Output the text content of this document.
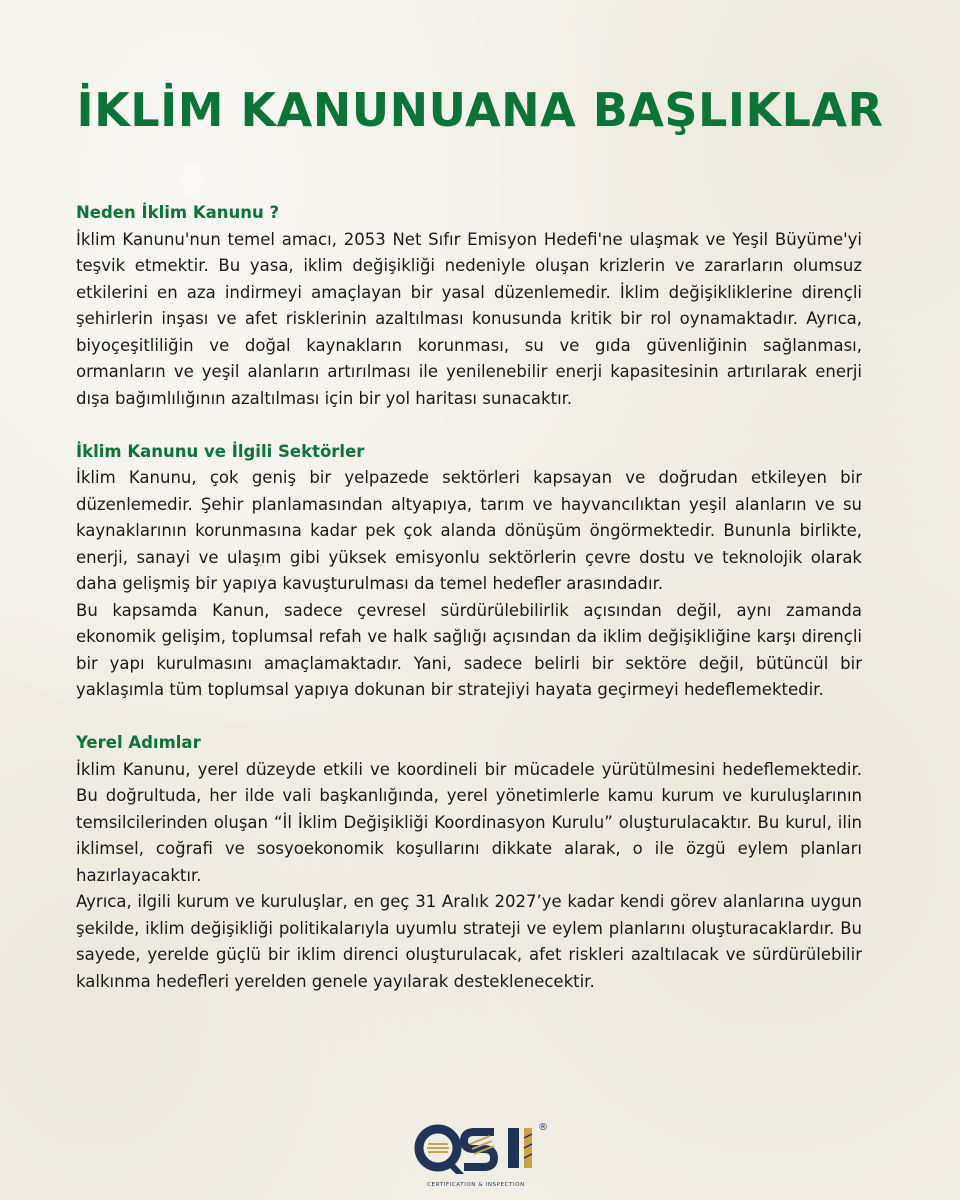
İKLİM KANUNUANA BAŞLIKLAR

Neden İklim Kanunu ?

İklim Kanunu'nun temel amacı, 2053 Net Sıfır Emisyon Hedefi'ne ulaşmak ve Yeşil Büyüme'yi teşvik etmektir. Bu yasa, iklim değişikliği nedeniyle oluşan krizlerin ve zararların olumsuz etkilerini en aza indirmeyi amaçlayan bir yasal düzenlemedir. İklim değişikliklerine dirençli şehirlerin inşası ve afet risklerinin azaltılması konusunda kritik bir rol oynamaktadır. Ayrıca, biyoçeşitliliğin ve doğal kaynakların korunması, su ve gıda güvenliğinin sağlanması, ormanların ve yeşil alanların artırılması ile yenilenebilir enerji kapasitesinin artırılarak enerji dışa bağımlılığının azaltılması için bir yol haritası sunacaktır.

İklim Kanunu ve İlgili Sektörler

İklim Kanunu, çok geniş bir yelpazede sektörleri kapsayan ve doğrudan etkileyen bir düzenlemedir. Şehir planlamasından altyapıya, tarım ve hayvancılıktan yeşil alanların ve su kaynaklarının korunmasına kadar pek çok alanda dönüşüm öngörmektedir. Bununla birlikte, enerji, sanayi ve ulaşım gibi yüksek emisyonlu sektörlerin çevre dostu ve teknolojik olarak daha gelişmiş bir yapıya kavuşturulması da temel hedefler arasındadır.

Bu kapsamda Kanun, sadece çevresel sürdürülebilirlik açısından değil, aynı zamanda ekonomik gelişim, toplumsal refah ve halk sağlığı açısından da iklim değişikliğine karşı dirençli bir yapı kurulmasını amaçlamaktadır. Yani, sadece belirli bir sektöre değil, bütüncül bir yaklaşımla tüm toplumsal yapıya dokunan bir stratejiyi hayata geçirmeyi hedeflemektedir.

Yerel Adımlar

İklim Kanunu, yerel düzeyde etkili ve koordineli bir mücadele yürütülmesini hedeflemektedir. Bu doğrultuda, her ilde vali başkanlığında, yerel yönetimlerle kamu kurum ve kuruluşlarının temsilcilerinden oluşan “İl İklim Değişikliği Koordinasyon Kurulu” oluşturulacaktır. Bu kurul, ilin iklimsel, coğrafi ve sosyoekonomik koşullarını dikkate alarak, o ile özgü eylem planları hazırlayacaktır.

Ayrıca, ilgili kurum ve kuruluşlar, en geç 31 Aralık 2027’ye kadar kendi görev alanlarına uygun şekilde, iklim değişikliği politikalarıyla uyumlu strateji ve eylem planlarını oluşturacaklardır. Bu sayede, yerelde güçlü bir iklim direnci oluşturulacak, afet riskleri azaltılacak ve sürdürülebilir kalkınma hedefleri yerelden genele yayılarak desteklenecektir.

®
CERTIFICATION & INSPECTION
